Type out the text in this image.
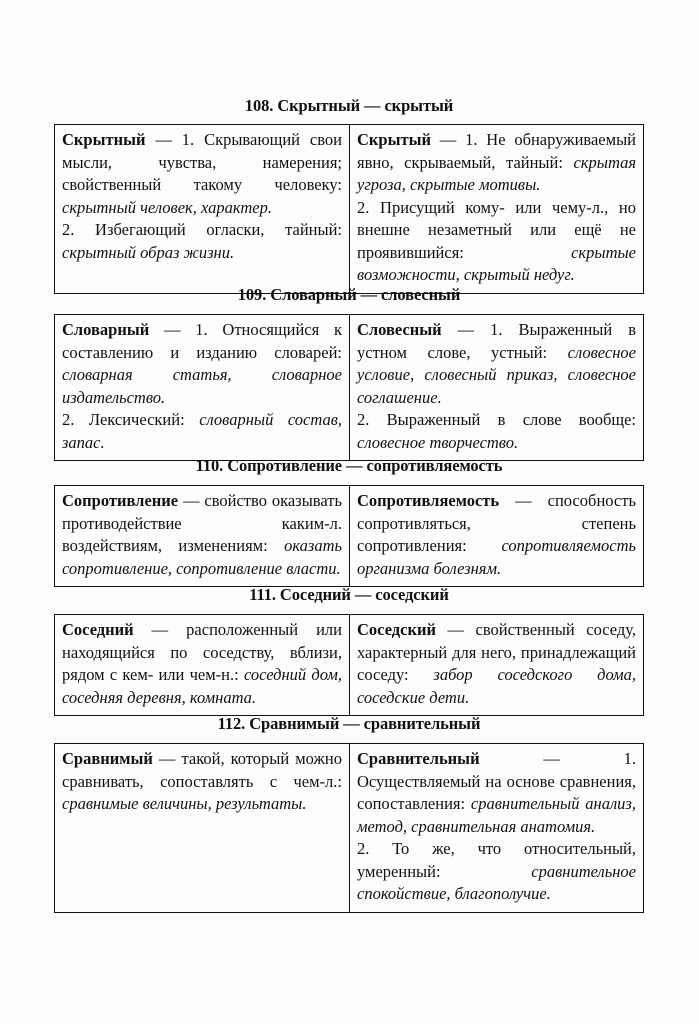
108. Скрытный — скрытый
Скрытный — 1. Скрывающий свои мысли, чувства, намерения; свойственный такому человеку: скрытный человек, характер.
2. Избегающий огласки, тайный: скрытный образ жизни.
Скрытый — 1. Не обнаруживаемый явно, скрываемый, тайный: скрытая угроза, скрытые мотивы.
2. Присущий кому- или чему-л., но внешне незаметный или ещё не проявившийся: скрытые возможности, скрытый недуг.
109. Словарный — словесный
Словарный — 1. Относящийся к составлению и изданию словарей: словарная статья, словарное издательство.
2. Лексический: словарный состав, запас.
Словесный — 1. Выраженный в устном слове, устный: словесное условие, словесный приказ, словесное соглашение.
2. Выраженный в слове вообще: словесное творчество.
110. Сопротивление — сопротивляемость
Сопротивление — свойство оказывать противодействие каким-л. воздействиям, изменениям: оказать сопротивление, сопротивление власти.
Сопротивляемость — способность сопротивляться, степень сопротивления: сопротивляемость организма болезням.
111. Соседний — соседский
Соседний — расположенный или находящийся по соседству, вблизи, рядом с кем- или чем-н.: соседний дом, соседняя деревня, комната.
Соседский — свойственный соседу, характерный для него, принадлежащий соседу: забор соседского дома, соседские дети.
112. Сравнимый — сравнительный
Сравнимый — такой, который можно сравнивать, сопоставлять с чем-л.: сравнимые величины, результаты.
Сравнительный — 1. Осуществляемый на основе сравнения, сопоставления: сравнительный анализ, метод, сравнительная анатомия.
2. То же, что относительный, умеренный: сравнительное спокойствие, благополучие.
